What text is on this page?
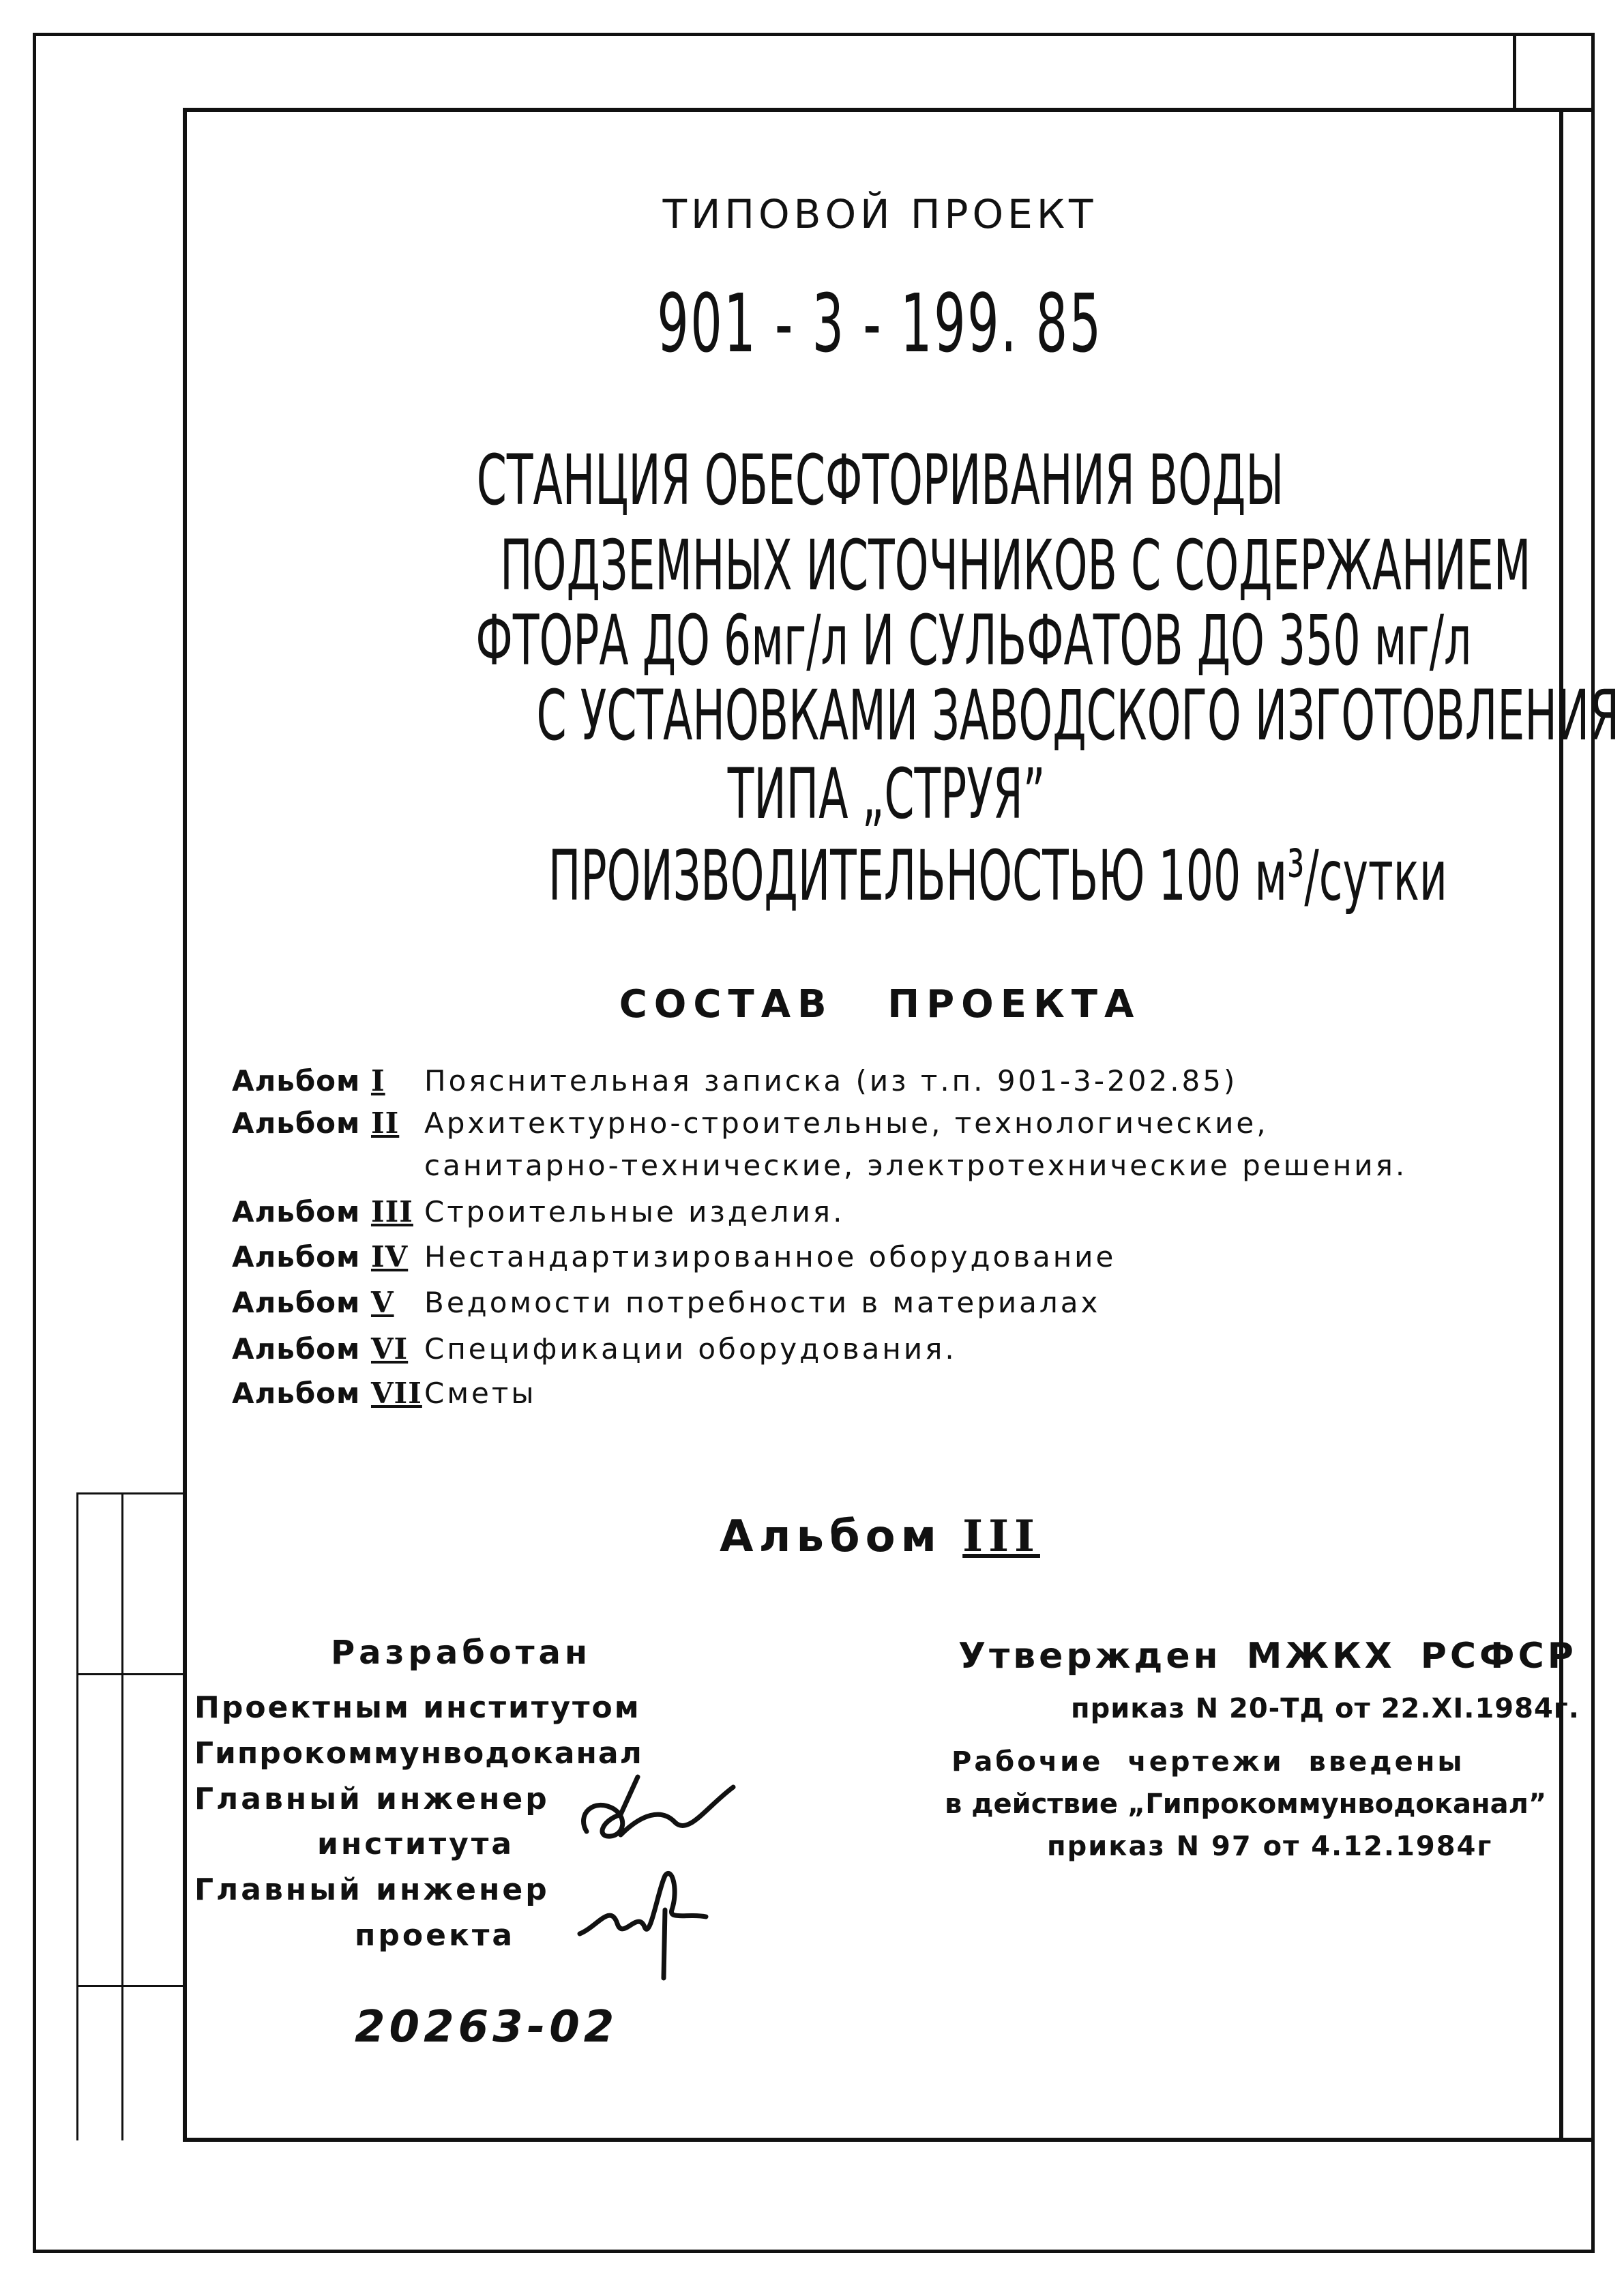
ТИПОВОЙ ПРОЕКТ
901 - 3 - 199. 85
СТАНЦИЯ ОБЕСФТОРИВАНИЯ ВОДЫ
ПОДЗЕМНЫХ ИСТОЧНИКОВ С СОДЕРЖАНИЕМ
ФТОРА ДО 6мг/л И СУЛЬФАТОВ ДО 350 мг/л
С УСТАНОВКАМИ ЗАВОДСКОГО ИЗГОТОВЛЕНИЯ
ТИПА „СТРУЯ”
ПРОИЗВОДИТЕЛЬНОСТЬЮ 100 м³/сутки
СОСТАВ ПРОЕКТА
Альбом I Пояснительная записка (из т.п. 901-3-202.85)
Альбом II Архитектурно-строительные, технологические,
санитарно-технические, электротехнические решения.
Альбом III Строительные изделия.
Альбом IV Нестандартизированное оборудование
Альбом V Ведомости потребности в материалах
Альбом VI Спецификации оборудования.
Альбом VIIСметы
Альбом III
Разработан
Проектным институтом
Гипрокоммунводоканал
Главный инженер
института
Главный инженер
проекта
Утвержден МЖКХ РСФСР
приказ N 20-ТД от 22.XI.1984г.
Рабочие чертежи введены
в действие „Гипрокоммунводоканал”
приказ N 97 от 4.12.1984г
20263-02
